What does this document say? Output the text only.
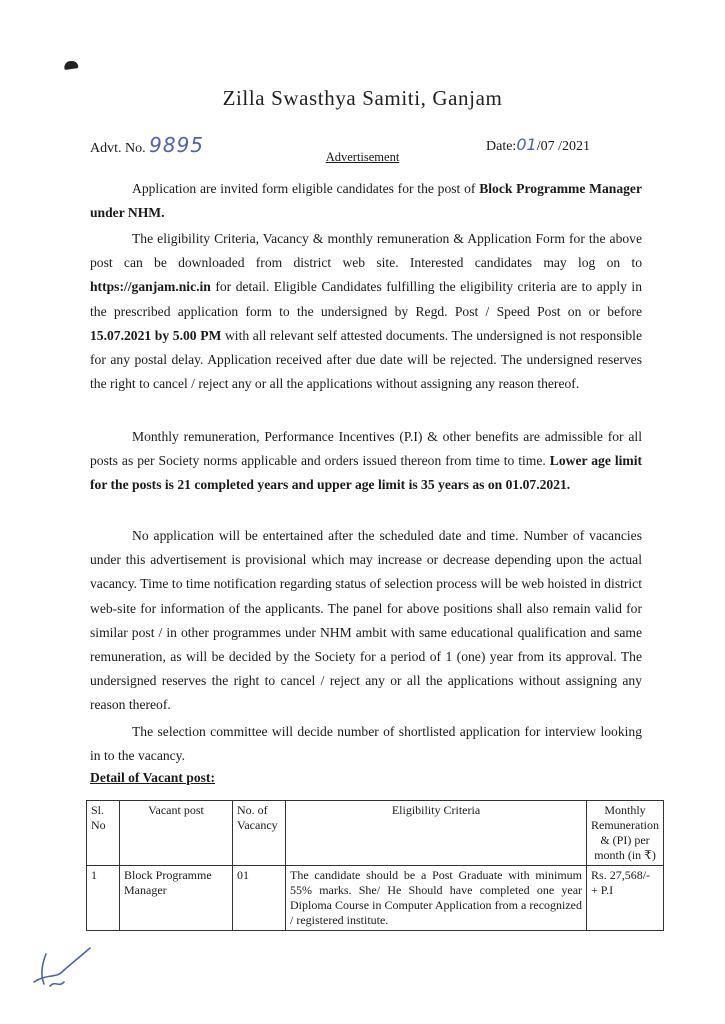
Zilla Swasthya Samiti, Ganjam
Advt. No. 9895	Date:01/07 /2021
Advertisement
Application are invited form eligible candidates for the post of Block Programme Manager under NHM.
The eligibility Criteria, Vacancy & monthly remuneration & Application Form for the above post can be downloaded from district web site. Interested candidates may log on to https://ganjam.nic.in for detail. Eligible Candidates fulfilling the eligibility criteria are to apply in the prescribed application form to the undersigned by Regd. Post / Speed Post on or before 15.07.2021 by 5.00 PM with all relevant self attested documents. The undersigned is not responsible for any postal delay. Application received after due date will be rejected. The undersigned reserves the right to cancel / reject any or all the applications without assigning any reason thereof.
Monthly remuneration, Performance Incentives (P.I) & other benefits are admissible for all posts as per Society norms applicable and orders issued thereon from time to time. Lower age limit for the posts is 21 completed years and upper age limit is 35 years as on 01.07.2021.
No application will be entertained after the scheduled date and time. Number of vacancies under this advertisement is provisional which may increase or decrease depending upon the actual vacancy. Time to time notification regarding status of selection process will be web hoisted in district web-site for information of the applicants. The panel for above positions shall also remain valid for similar post / in other programmes under NHM ambit with same educational qualification and same remuneration, as will be decided by the Society for a period of 1 (one) year from its approval. The undersigned reserves the right to cancel / reject any or all the applications without assigning any reason thereof.
The selection committee will decide number of shortlisted application for interview looking in to the vacancy.
Detail of Vacant post:
Sl. No	Vacant post	No. of Vacancy	Eligibility Criteria	Monthly Remuneration & (PI) per month (in ₹)
1	Block Programme Manager	01	The candidate should be a Post Graduate with minimum 55% marks. She/ He Should have completed one year Diploma Course in Computer Application from a recognized / registered institute.	Rs. 27,568/- + P.I
